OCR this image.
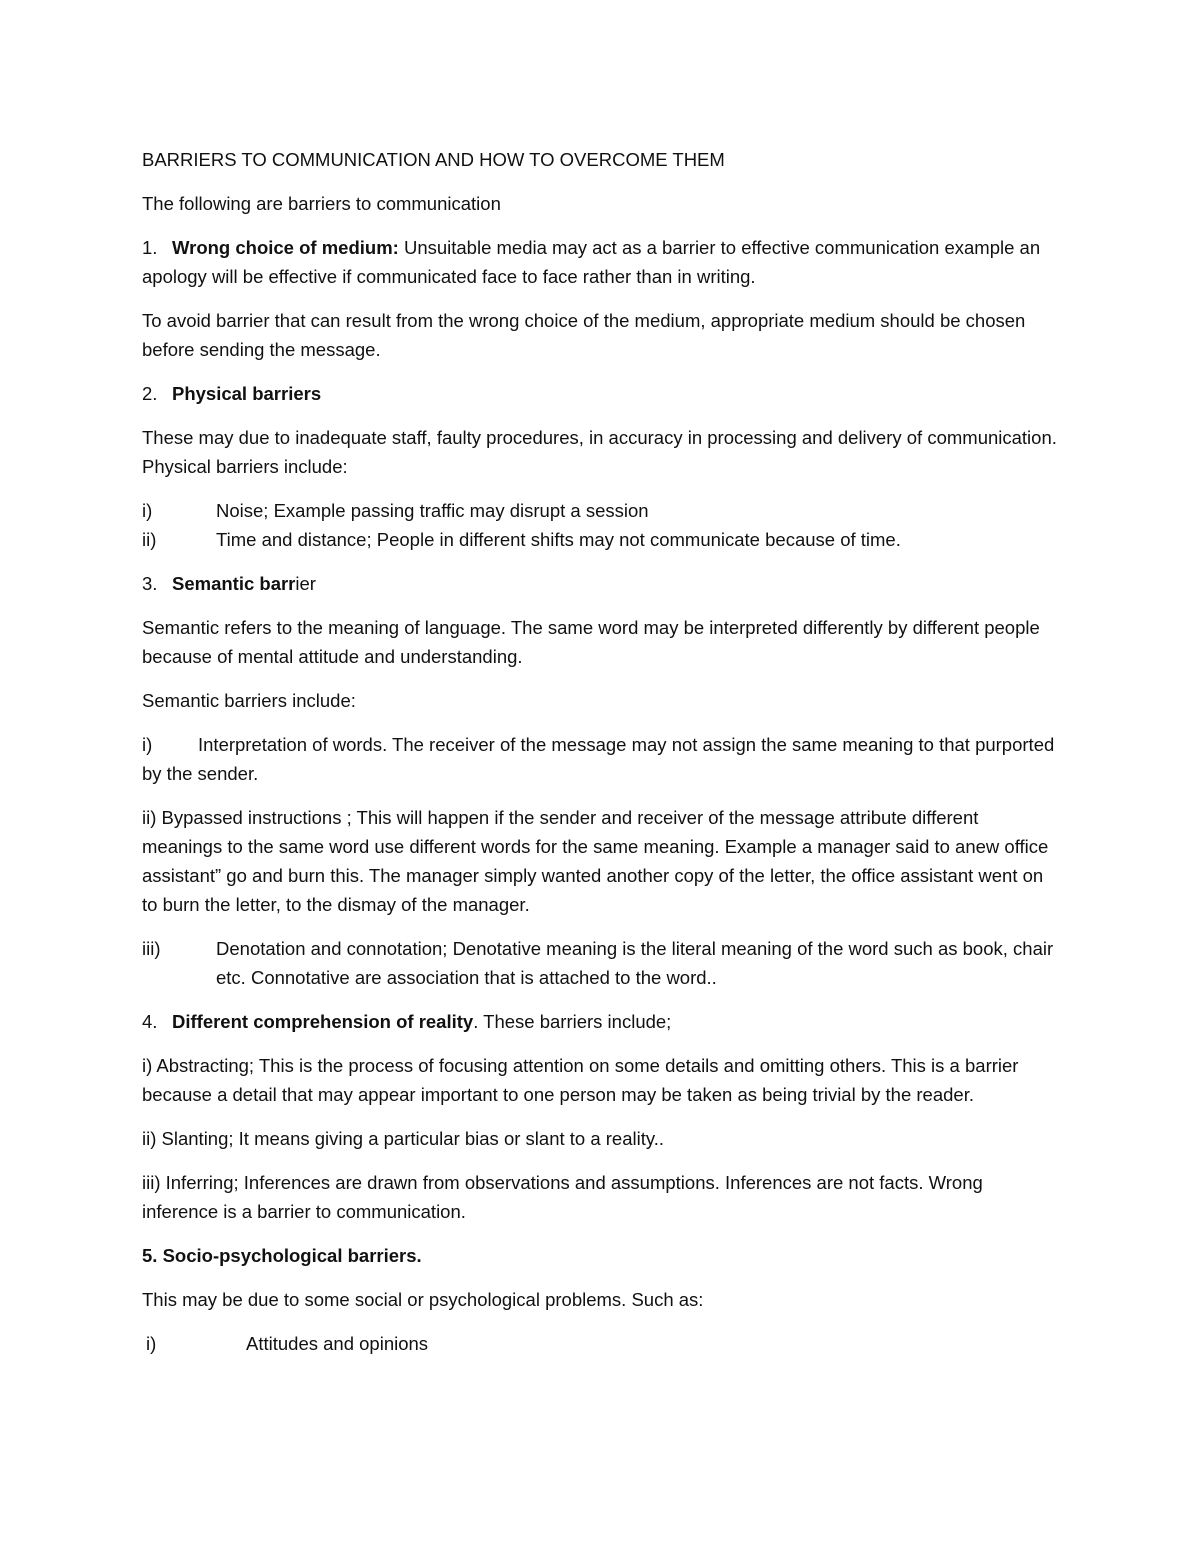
BARRIERS TO COMMUNICATION AND HOW TO OVERCOME THEM

The following are barriers to communication

1. Wrong choice of medium: Unsuitable media may act as a barrier to effective communication example an apology will be effective if communicated face to face rather than in writing.

To avoid barrier that can result from the wrong choice of the medium, appropriate medium should be chosen before sending the message.

2. Physical barriers

These may due to inadequate staff, faulty procedures, in accuracy in processing and delivery of communication. Physical barriers include:

i)	Noise; Example passing traffic may disrupt a session
ii)	Time and distance; People in different shifts may not communicate because of time.

3. Semantic barrier

Semantic refers to the meaning of language. The same word may be interpreted differently by different people because of mental attitude and understanding.

Semantic barriers include:

i) Interpretation of words. The receiver of the message may not assign the same meaning to that purported by the sender.

ii) Bypassed instructions ; This will happen if the sender and receiver of the message attribute different meanings to the same word use different words for the same meaning. Example a manager said to anew office assistant” go and burn this. The manager simply wanted another copy of the letter, the office assistant went on to burn the letter, to the dismay of the manager.

iii)	Denotation and connotation; Denotative meaning is the literal meaning of the word such as book, chair etc. Connotative are association that is attached to the word..

4. Different comprehension of reality. These barriers include;

i) Abstracting; This is the process of focusing attention on some details and omitting others. This is a barrier because a detail that may appear important to one person may be taken as being trivial by the reader.

ii) Slanting; It means giving a particular bias or slant to a reality..

iii) Inferring; Inferences are drawn from observations and assumptions. Inferences are not facts. Wrong inference is a barrier to communication.

5. Socio-psychological barriers.

This may be due to some social or psychological problems. Such as:

i)	Attitudes and opinions
